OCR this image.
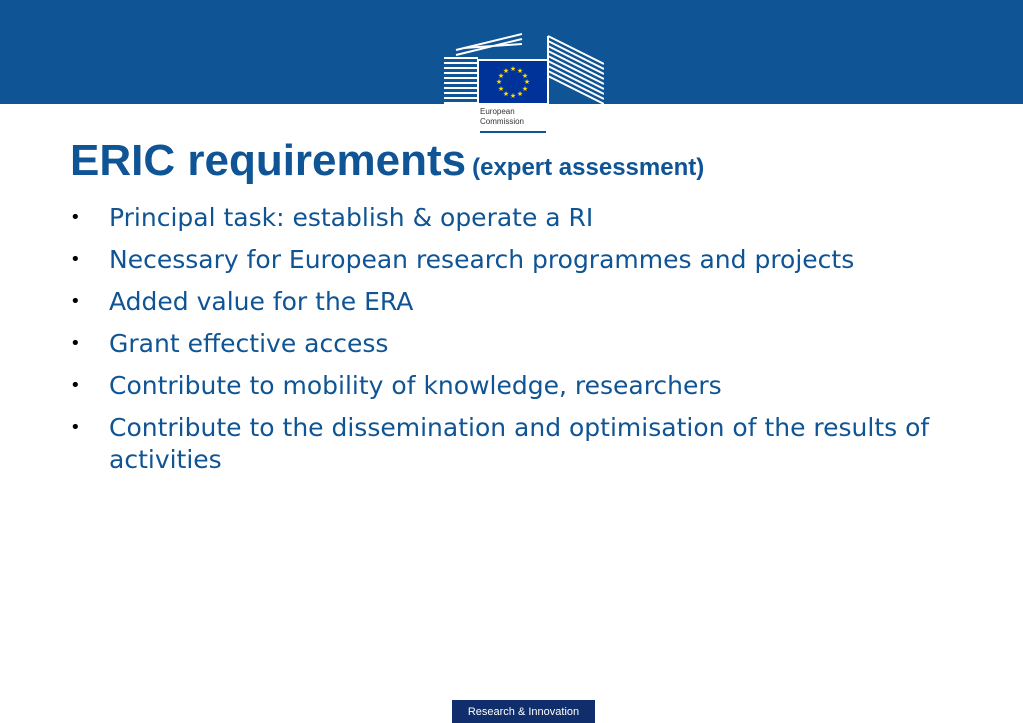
★ ★
★
★
★
★
★
★
★
★
★
★
European
Commission
ERIC requirements (expert assessment)
• Principal task: establish & operate a RI
• Necessary for European research programmes and projects
• Added value for the ERA
• Grant effective access
• Contribute to mobility of knowledge, researchers
• Contribute to the dissemination and optimisation of the results of activities
Research & Innovation
